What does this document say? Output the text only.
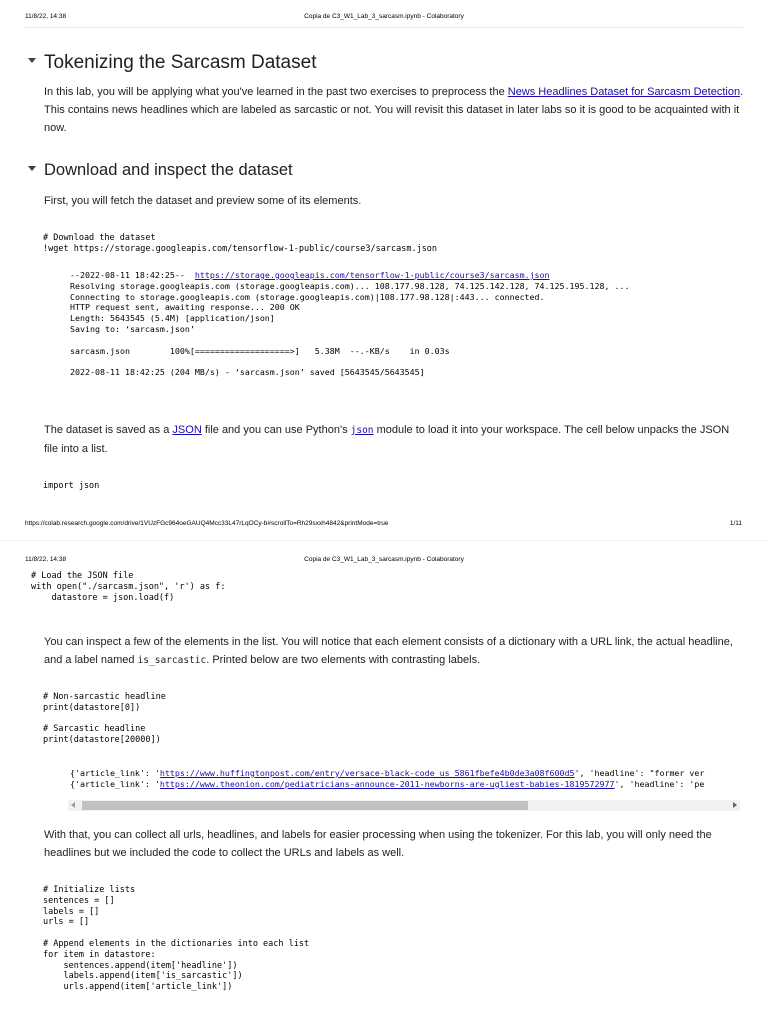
11/8/22, 14:38	Copia de C3_W1_Lab_3_sarcasm.ipynb - Colaboratory
Tokenizing the Sarcasm Dataset
In this lab, you will be applying what you've learned in the past two exercises to preprocess the News Headlines Dataset for Sarcasm Detection. This contains news headlines which are labeled as sarcastic or not. You will revisit this dataset in later labs so it is good to be acquainted with it now.
Download and inspect the dataset
First, you will fetch the dataset and preview some of its elements.
# Download the dataset
!wget https://storage.googleapis.com/tensorflow-1-public/course3/sarcasm.json
--2022-08-11 18:42:25--  https://storage.googleapis.com/tensorflow-1-public/course3/sarcasm.json
Resolving storage.googleapis.com (storage.googleapis.com)... 108.177.98.128, 74.125.142.128, 74.125.195.128, ...
Connecting to storage.googleapis.com (storage.googleapis.com)|108.177.98.128|:443... connected.
HTTP request sent, awaiting response... 200 OK
Length: 5643545 (5.4M) [application/json]
Saving to: ‘sarcasm.json’

sarcasm.json        100%[===================>]   5.38M  --.-KB/s    in 0.03s

2022-08-11 18:42:25 (204 MB/s) - ‘sarcasm.json’ saved [5643545/5643545]
The dataset is saved as a JSON file and you can use Python's json module to load it into your workspace. The cell below unpacks the JSON file into a list.
import json
https://colab.research.google.com/drive/1VUzFGc964oeGAUQ4Mcc33L47rLqOCy-b#scrollTo=Rh29sxxh4842&printMode=true	1/11
11/8/22, 14:38	Copia de C3_W1_Lab_3_sarcasm.ipynb - Colaboratory
# Load the JSON file
with open("./sarcasm.json", 'r') as f:
datastore = json.load(f)
You can inspect a few of the elements in the list. You will notice that each element consists of a dictionary with a URL link, the actual headline, and a label named is_sarcastic. Printed below are two elements with contrasting labels.
# Non-sarcastic headline
print(datastore[0])

# Sarcastic headline
print(datastore[20000])
{'article_link': 'https://www.huffingtonpost.com/entry/versace-black-code_us_5861fbefe4b0de3a08f600d5', 'headline': "former ver
{'article_link': 'https://www.theonion.com/pediatricians-announce-2011-newborns-are-ugliest-babies-1819572977', 'headline': 'pe
With that, you can collect all urls, headlines, and labels for easier processing when using the tokenizer. For this lab, you will only need the headlines but we included the code to collect the URLs and labels as well.
# Initialize lists
sentences = []
labels = []
urls = []

# Append elements in the dictionaries into each list
for item in datastore:
sentences.append(item['headline'])
labels.append(item['is_sarcastic'])
urls.append(item['article_link'])
